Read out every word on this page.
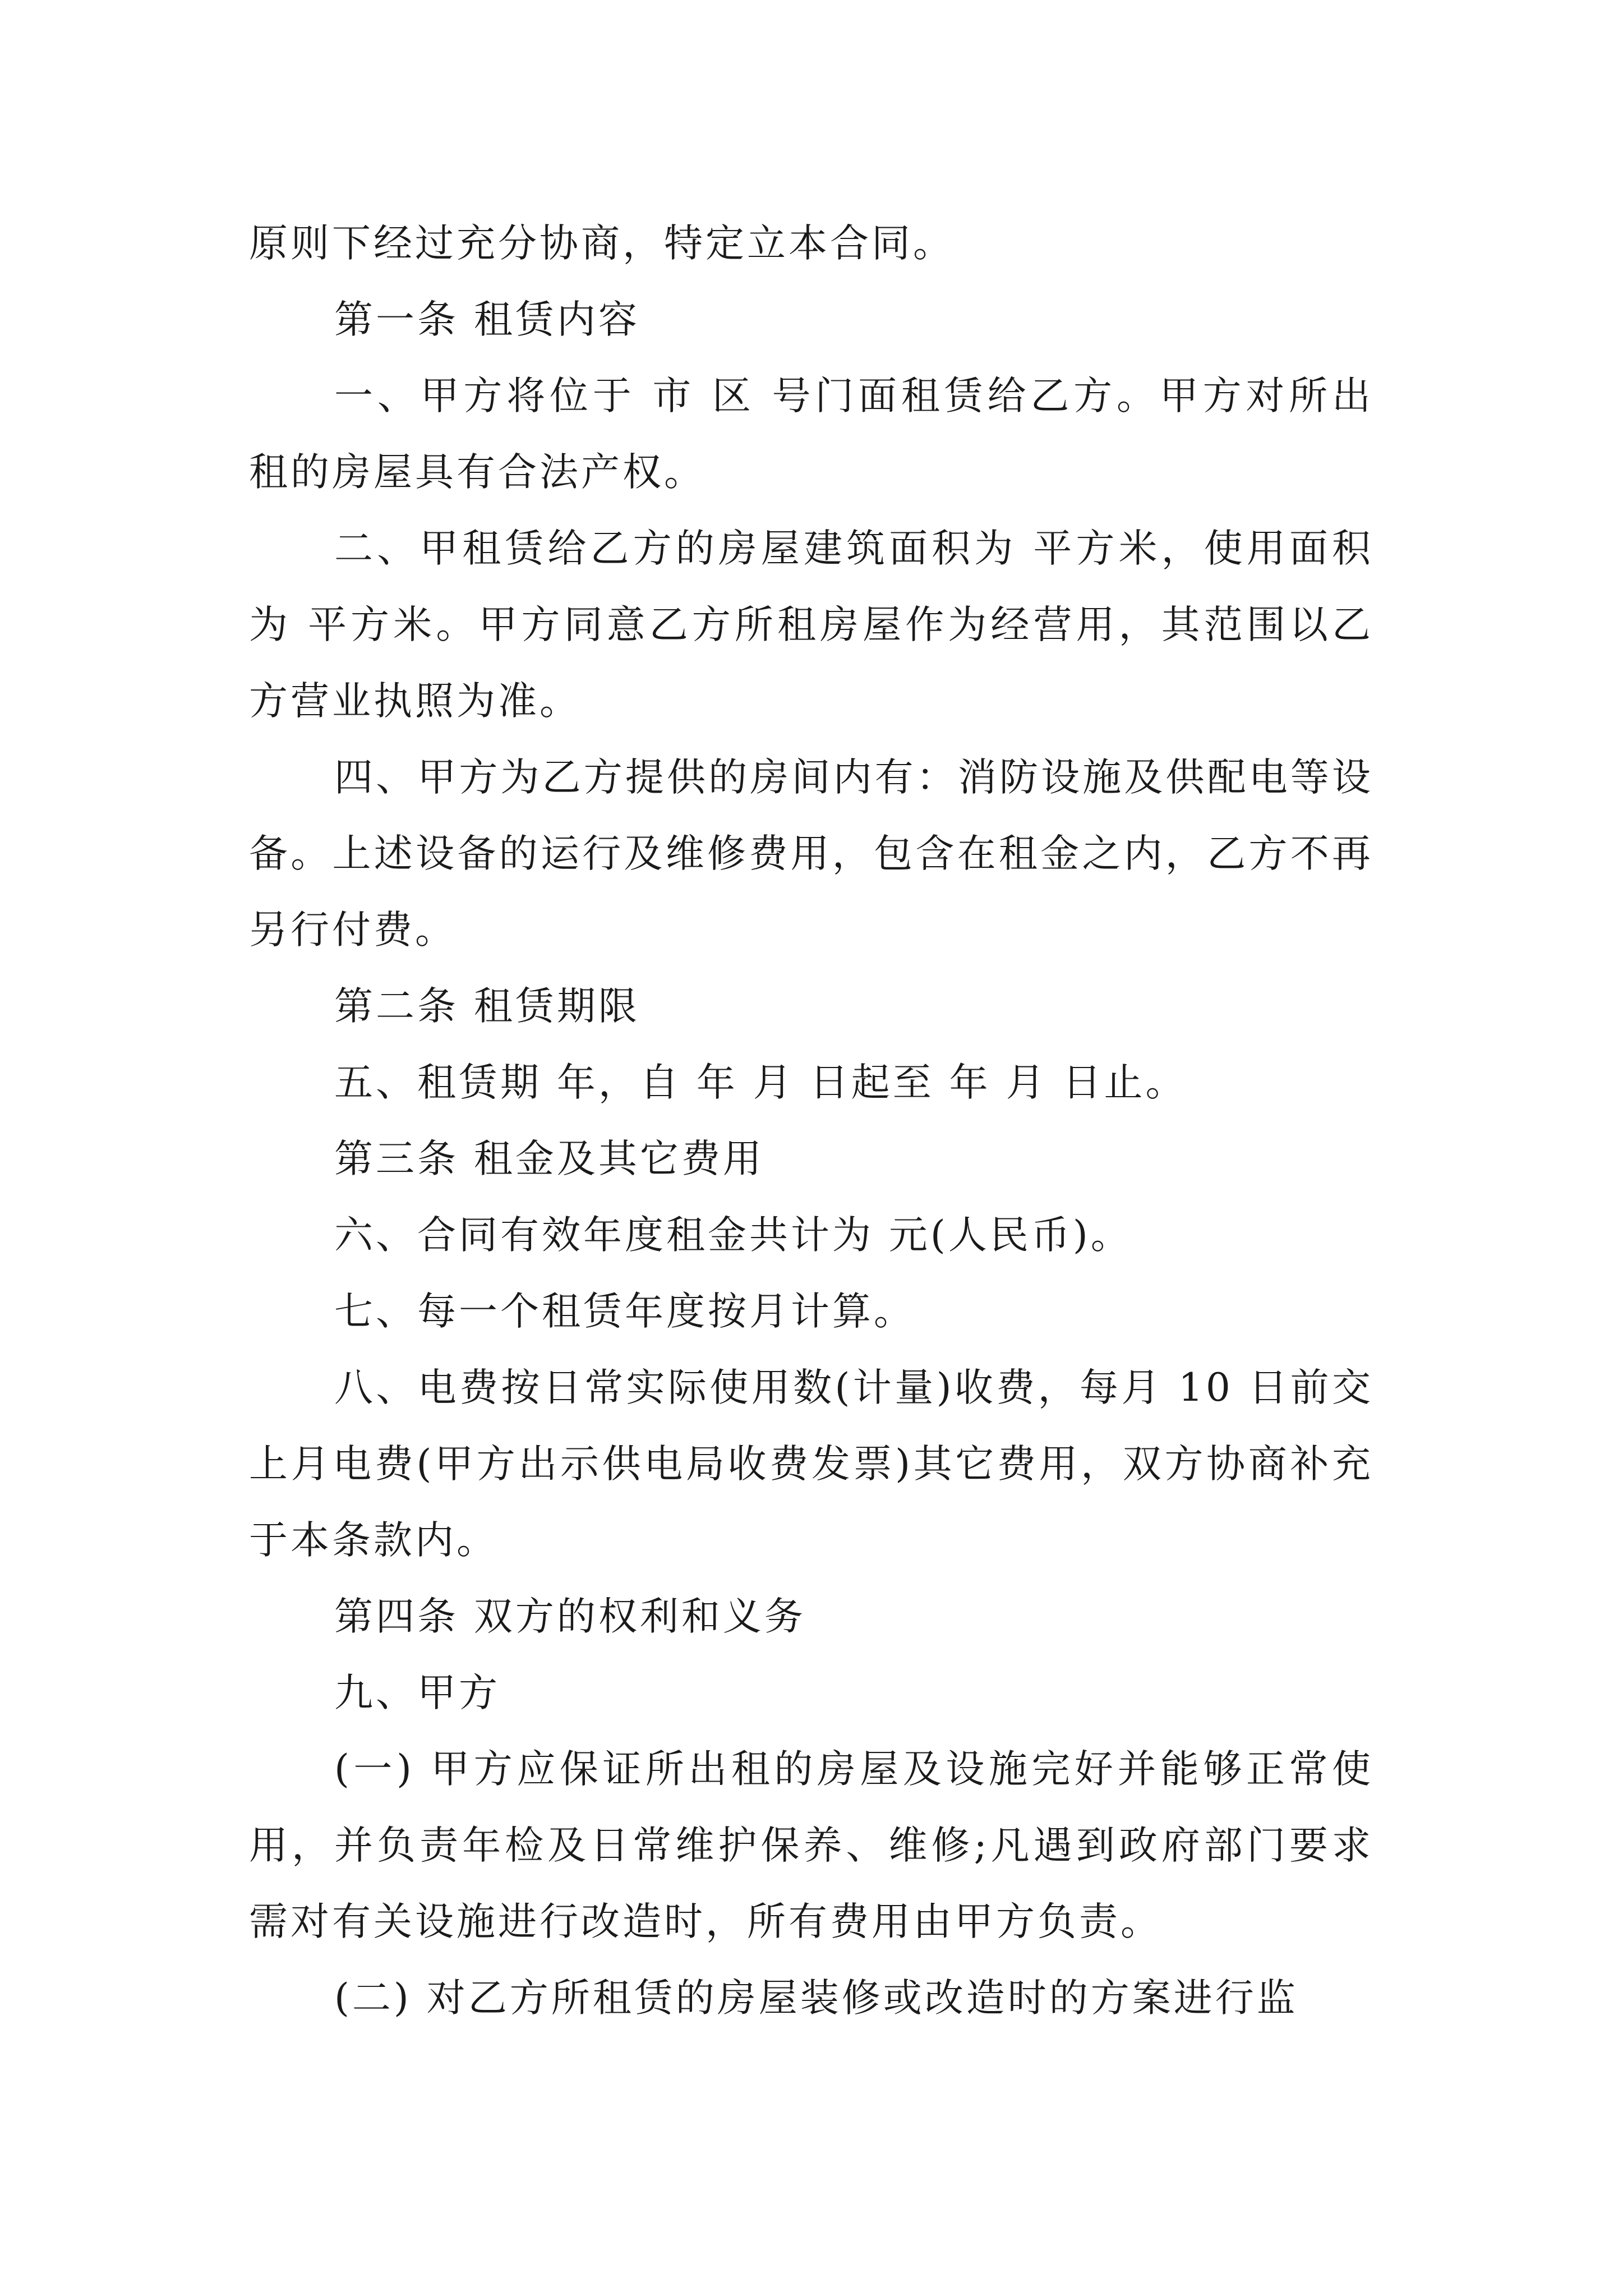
原则下经过充分协商，特定立本合同。

第一条 租赁内容

一、甲方将位于 市 区 号门面租赁给乙方。甲方对所出租的房屋具有合法产权。

二、甲租赁给乙方的房屋建筑面积为 平方米，使用面积为 平方米。甲方同意乙方所租房屋作为经营用，其范围以乙方营业执照为准。

四、甲方为乙方提供的房间内有：消防设施及供配电等设备。上述设备的运行及维修费用，包含在租金之内，乙方不再另行付费。

第二条 租赁期限

五、租赁期 年，自 年 月 日起至 年 月 日止。

第三条 租金及其它费用

六、合同有效年度租金共计为 元(人民币)。

七、每一个租赁年度按月计算。

八、电费按日常实际使用数(计量)收费，每月 10 日前交上月电费(甲方出示供电局收费发票)其它费用，双方协商补充于本条款内。

第四条 双方的权利和义务

九、甲方

(一) 甲方应保证所出租的房屋及设施完好并能够正常使用，并负责年检及日常维护保养、维修;凡遇到政府部门要求需对有关设施进行改造时，所有费用由甲方负责。

(二) 对乙方所租赁的房屋装修或改造时的方案进行监
